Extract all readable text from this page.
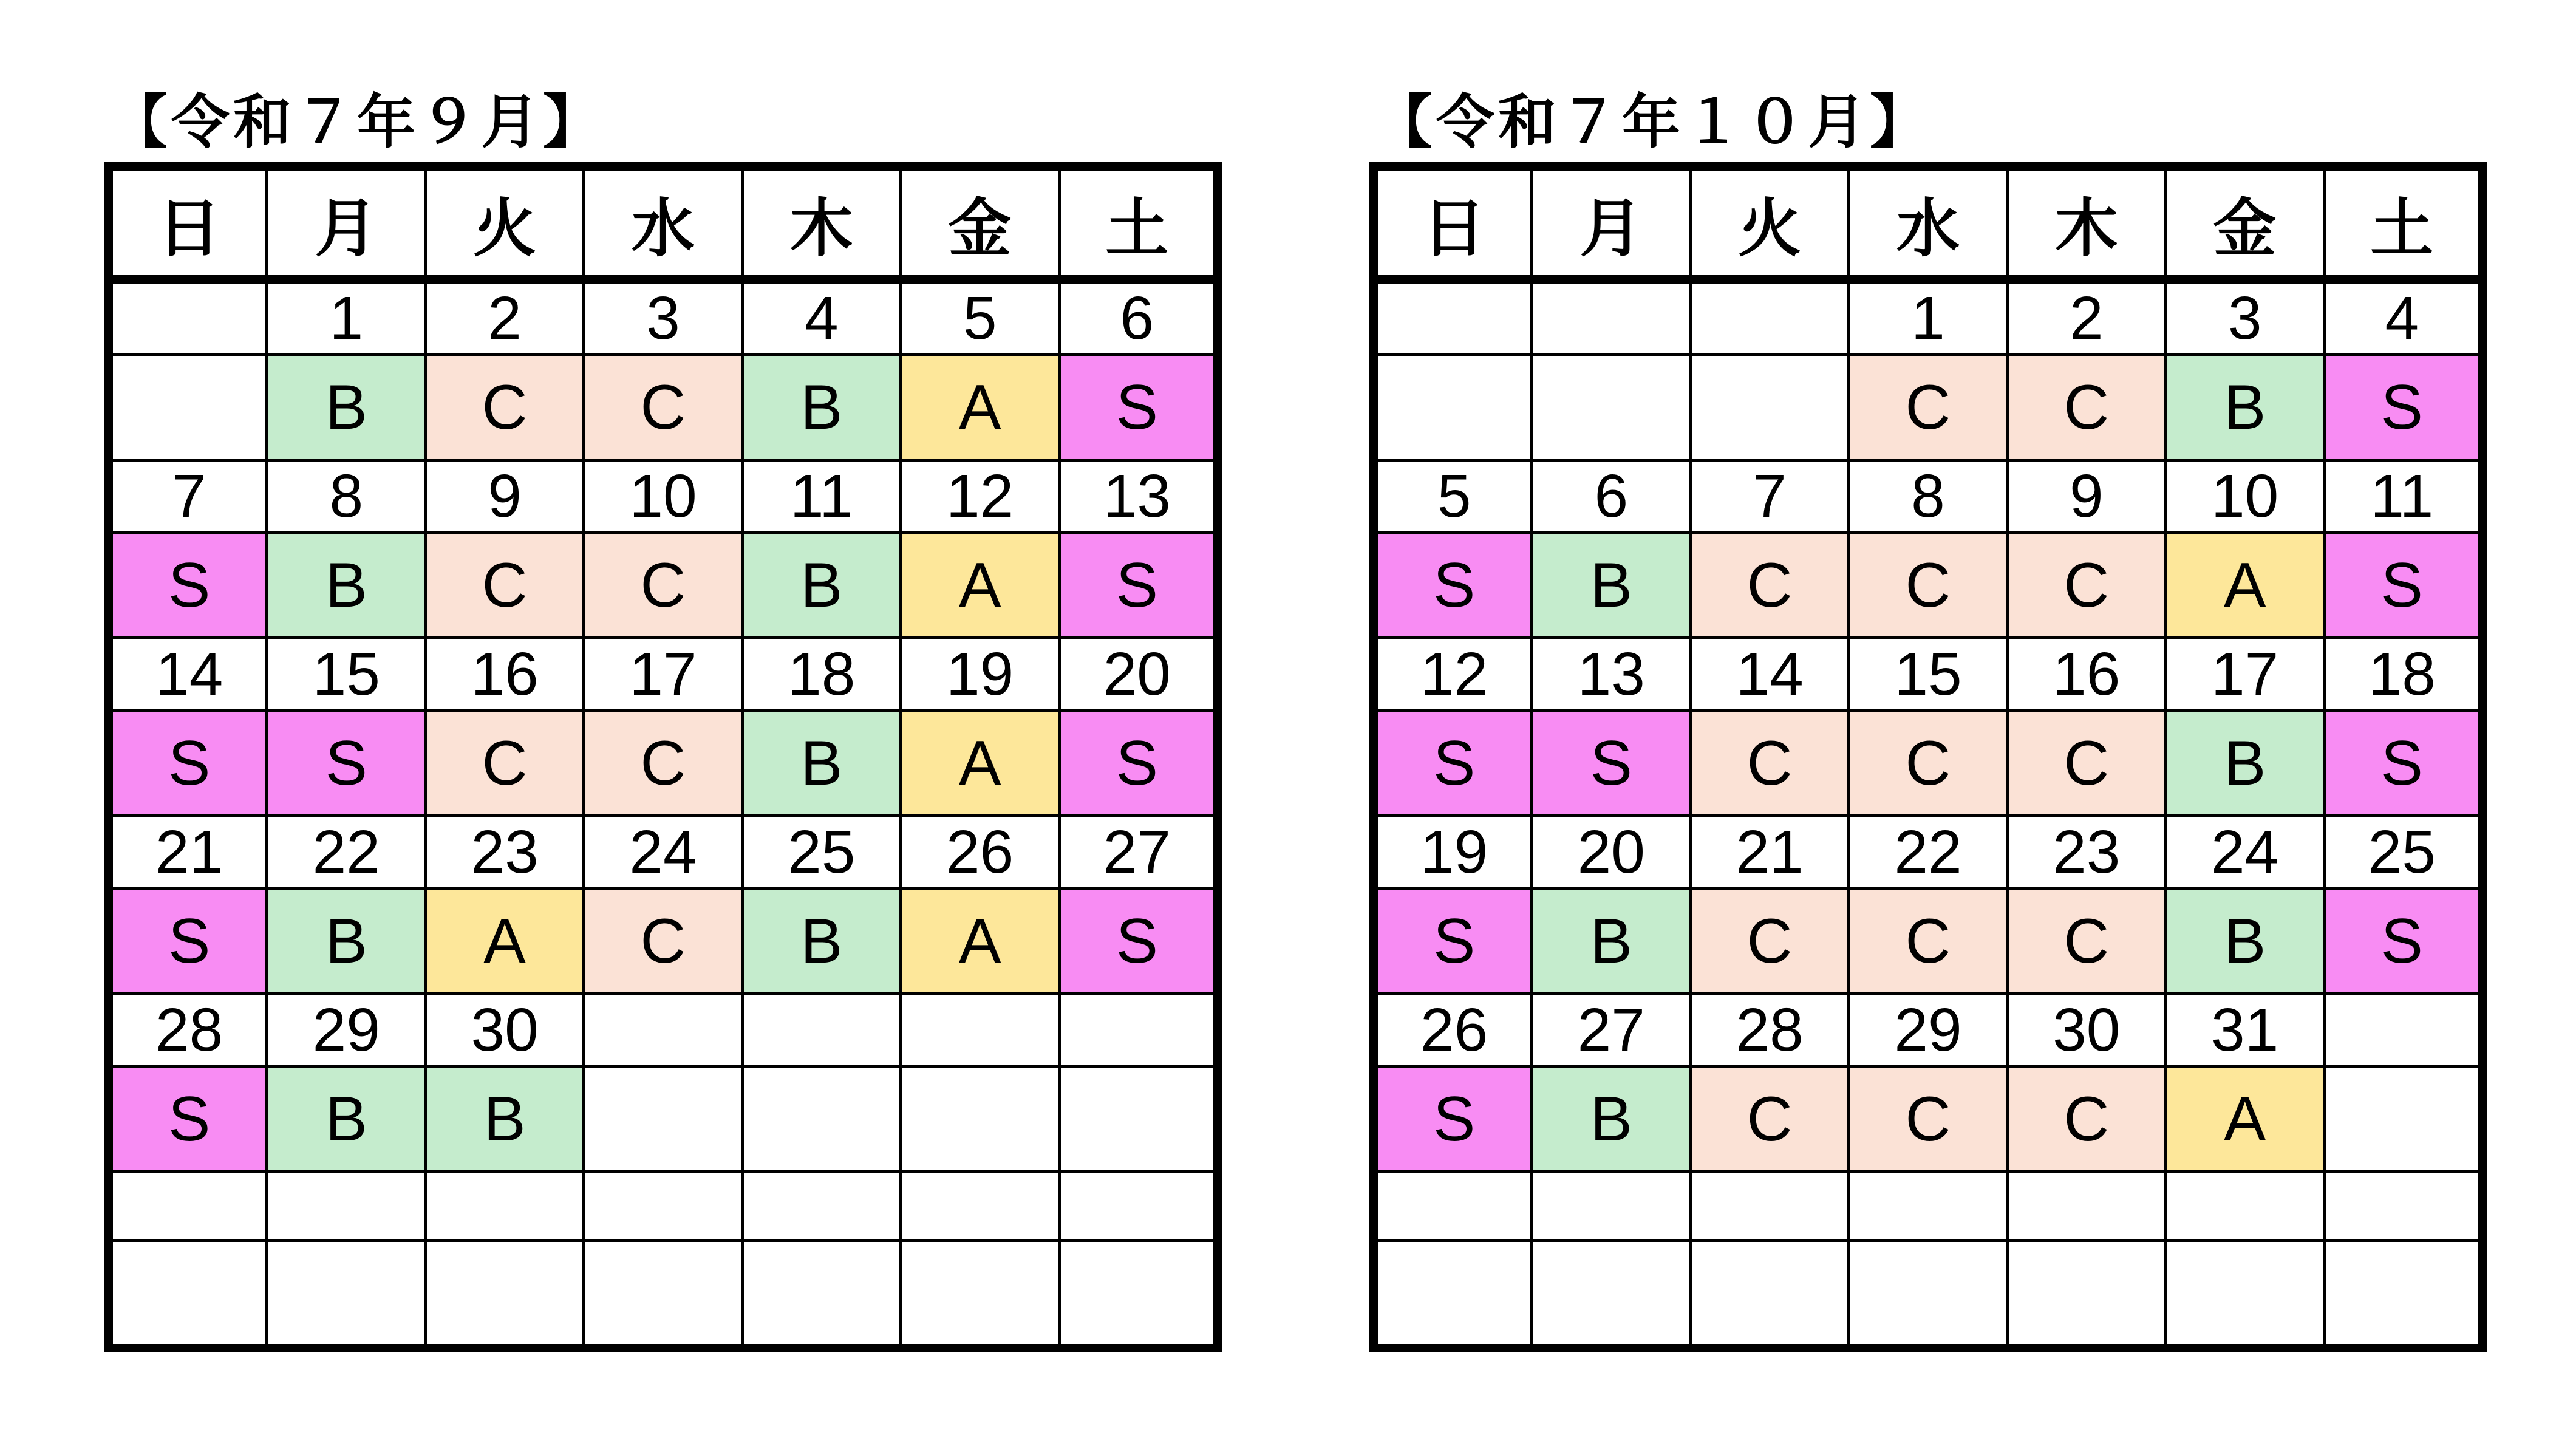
【令和７年９月】
日	月	火	水	木	金	土
	1	2	3	4	5	6
	B	C	C	B	A	S
7	8	9	10	11	12	13
S	B	C	C	B	A	S
14	15	16	17	18	19	20
S	S	C	C	B	A	S
21	22	23	24	25	26	27
S	B	A	C	B	A	S
28	29	30				
S	B	B				

【令和７年１０月】
日	月	火	水	木	金	土
			1	2	3	4
			C	C	B	S
5	6	7	8	9	10	11
S	B	C	C	C	A	S
12	13	14	15	16	17	18
S	S	C	C	C	B	S
19	20	21	22	23	24	25
S	B	C	C	C	B	S
26	27	28	29	30	31	
S	B	C	C	C	A	
